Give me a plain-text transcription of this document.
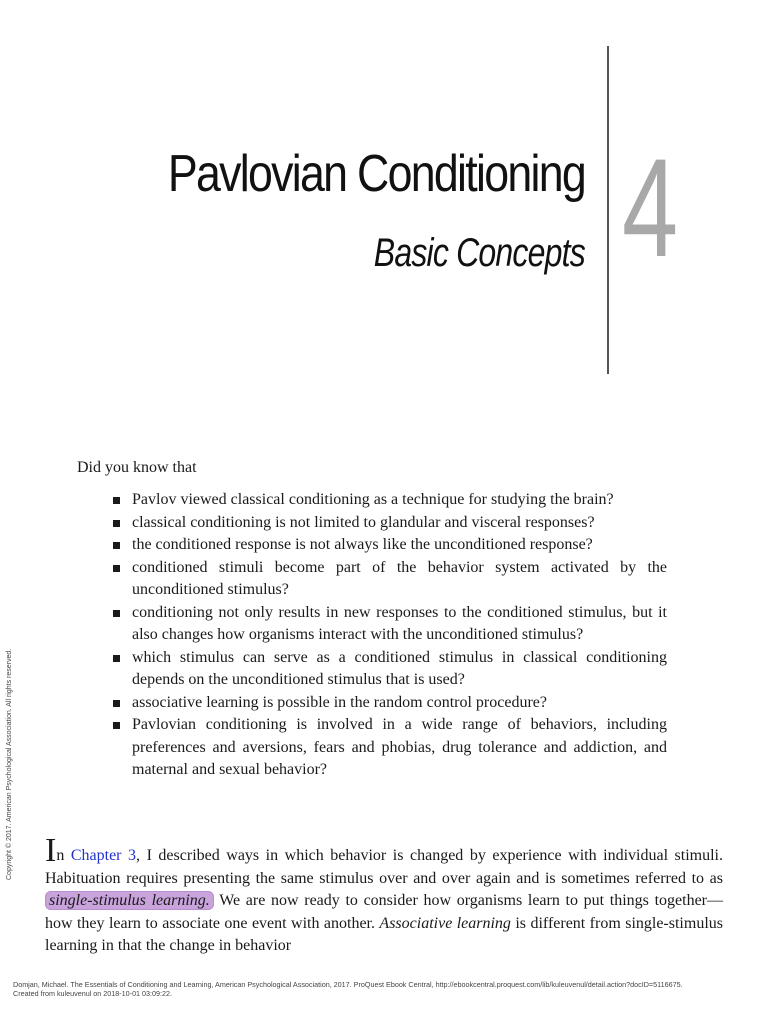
Pavlovian Conditioning
Basic Concepts 4

Did you know that

Pavlov viewed classical conditioning as a technique for studying the brain?
classical conditioning is not limited to glandular and visceral responses?
the conditioned response is not always like the unconditioned response?
conditioned stimuli become part of the behavior system activated by the unconditioned stimulus?
conditioning not only results in new responses to the conditioned stimulus, but it also changes how organisms interact with the unconditioned stimulus?
which stimulus can serve as a conditioned stimulus in classical conditioning depends on the unconditioned stimulus that is used?
associative learning is possible in the random control procedure?
Pavlovian conditioning is involved in a wide range of behaviors, including preferences and aversions, fears and phobias, drug tolerance and addiction, and maternal and sexual behavior?

In Chapter 3, I described ways in which behavior is changed by experience with individual stimuli. Habituation requires presenting the same stimulus over and over again and is sometimes referred to as single-stimulus learning. We are now ready to consider how organisms learn to put things together—how they learn to associate one event with another. Associative learning is different from single-stimulus learning in that the change in behavior

Copyright © 2017. American Psychological Association. All rights reserved.
Domjan, Michael. The Essentials of Conditioning and Learning, American Psychological Association, 2017. ProQuest Ebook Central, http://ebookcentral.proquest.com/lib/kuleuvenul/detail.action?docID=5116675.
Created from kuleuvenul on 2018-10-01 03:09:22.
